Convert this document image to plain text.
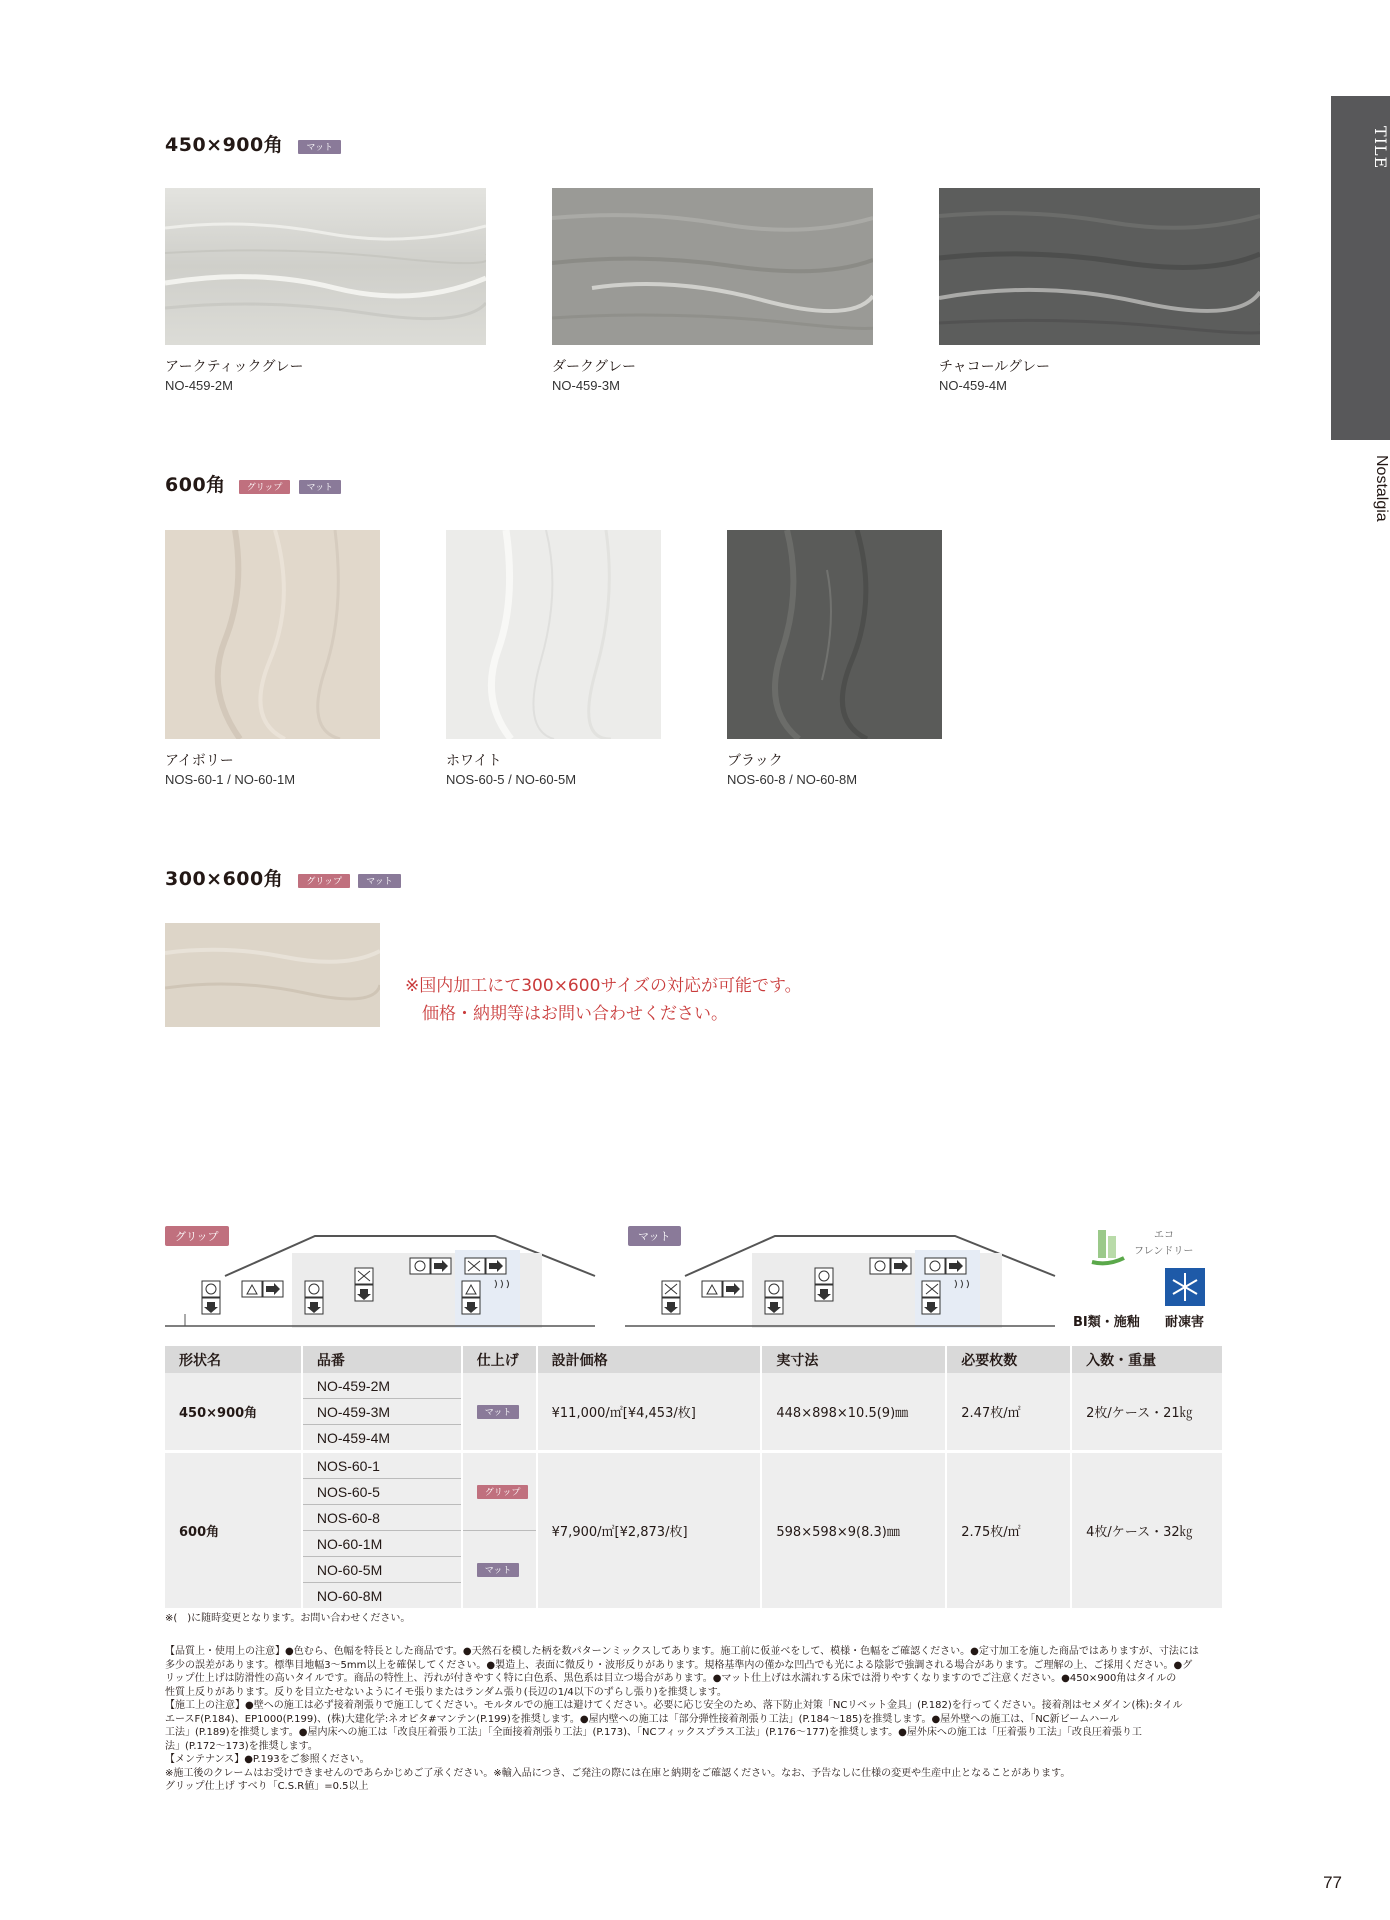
TILE
Nostalgia
450×900角	マット
アークティックグレー
NO-459-2M
ダークグレー
NO-459-3M
チャコールグレー
NO-459-4M
600角 グリップ	マット
アイボリー
NOS-60-1 / NO-60-1M
ホワイト
NOS-60-5 / NO-60-5M
ブラック
NOS-60-8 / NO-60-8M
300×600角	グリップ	マット
※国内加工にて300×600サイズの対応が可能です。
価格・納期等はお問い合わせください。
グリップ	マット	エコ
フレンドリー
BI類・施釉 耐凍害
形状名	品番	仕上げ	設計価格	実寸法	必要枚数	入数・重量
450×900角	NO-459-2M	マット	¥11,000/㎡[¥4,453/枚]	448×898×10.5(9)㎜	2.47枚/㎡	2枚/ケース・21㎏
	NO-459-3M					
	NO-459-4M					

600角	NOS-60-1	グリップ	¥7,900/㎡[¥2,873/枚]	598×598×9(8.3)㎜	2.75枚/㎡	4枚/ケース・32㎏
	NOS-60-5					
	NOS-60-8					
	NO-60-1M	マット				
	NO-60-5M					
	NO-60-8M					
※(　)に随時変更となります。お問い合わせください。
【品質上・使用上の注意】●色むら、色幅を特長とした商品です。●天然石を模した柄を数パターンミックスしてあります。施工前に仮並べをして、模様・色幅をご確認ください。●定寸加工を施した商品ではありますが、寸法には
多少の誤差があります。標準目地幅3〜5mm以上を確保してください。●製造上、表面に微反り・波形反りがあります。規格基準内の僅かな凹凸でも光による陰影で強調される場合があります。ご理解の上、ご採用ください。●グ
リップ仕上げは防滑性の高いタイルです。商品の特性上、汚れが付きやすく特に白色系、黒色系は目立つ場合があります。●マット仕上げは水濡れする床では滑りやすくなりますのでご注意ください。●450×900角はタイルの
性質上反りがあります。反りを目立たせないようにイモ張りまたはランダム張り(長辺の1/4以下のずらし張り)を推奨します。
【施工上の注意】●壁への施工は必ず接着剤張りで施工してください。モルタルでの施工は避けてください。必要に応じ安全のため、落下防止対策「NCリベット金具」(P.182)を行ってください。接着剤はセメダイン(株):タイル
エースF(P.184)、EP1000(P.199)、(株)大建化学:ネオピタ#マンテン(P.199)を推奨します。●屋内壁への施工は「部分弾性接着剤張り工法」(P.184〜185)を推奨します。●屋外壁への施工は、「NC新ビームハール
工法」(P.189)を推奨します。●屋内床への施工は「改良圧着張り工法」「全面接着剤張り工法」(P.173)、「NCフィックスプラス工法」(P.176〜177)を推奨します。●屋外床への施工は「圧着張り工法」「改良圧着張り工
法」(P.172〜173)を推奨します。
【メンテナンス】●P.193をご参照ください。
※施工後のクレームはお受けできませんのであらかじめご了承ください。※輸入品につき、ご発注の際には在庫と納期をご確認ください。なお、予告なしに仕様の変更や生産中止となることがあります。
グリップ仕上げ すべり「C.S.R値」=0.5以上
77
